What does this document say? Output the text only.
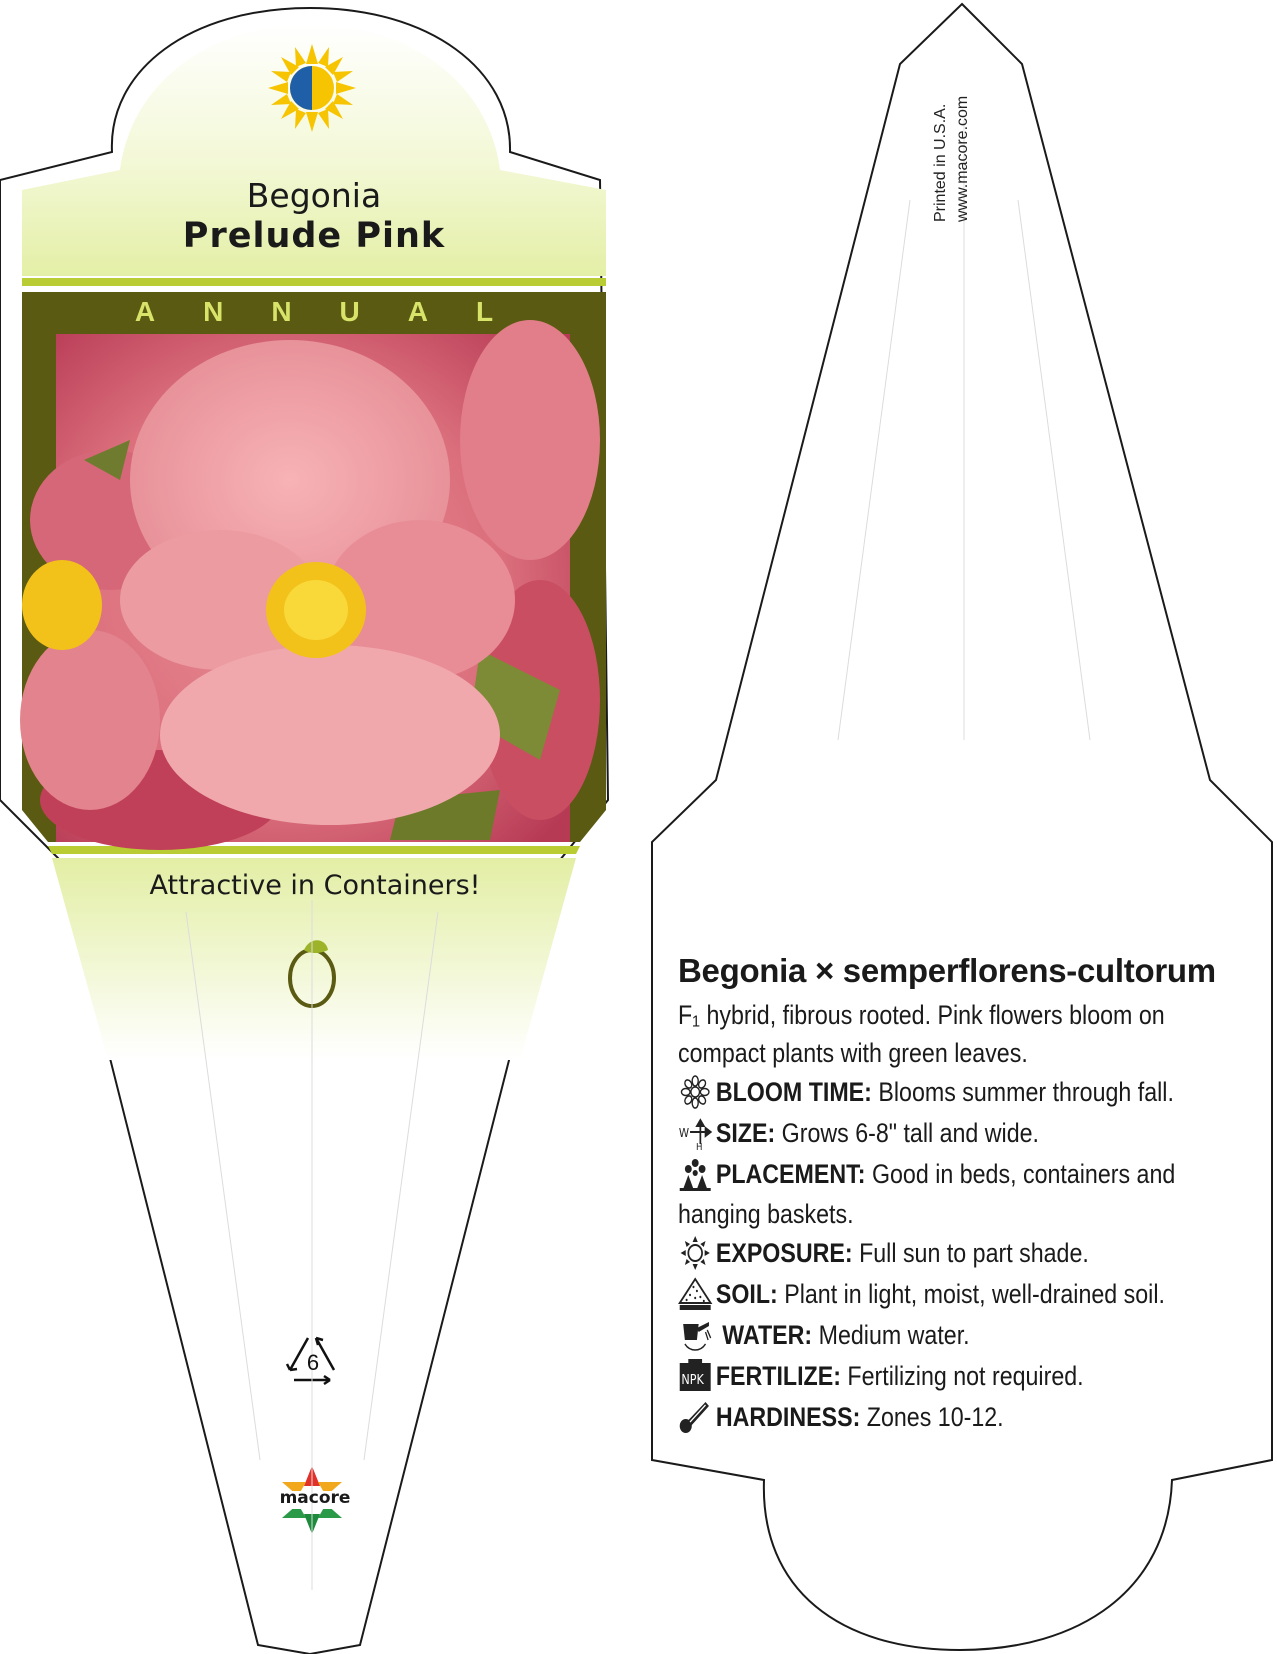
Begonia
Prelude Pink
ANNUAL
Attractive in Containers!
6
macore
Printed in U.S.A. www.macore.com
Begonia × semperflorens-cultorum
F₁ hybrid, fibrous rooted. Pink flowers bloom on
compact plants with green leaves.
BLOOM TIME: Blooms summer through fall.
W
H SIZE: Grows 6-8" tall and wide.
PLACEMENT: Good in beds, containers and
hanging baskets.
EXPOSURE: Full sun to part shade.
SOIL: Plant in light, moist, well-drained soil.
WATER: Medium water.
NPK FERTILIZE: Fertilizing not required.
HARDINESS: Zones 10-12.
